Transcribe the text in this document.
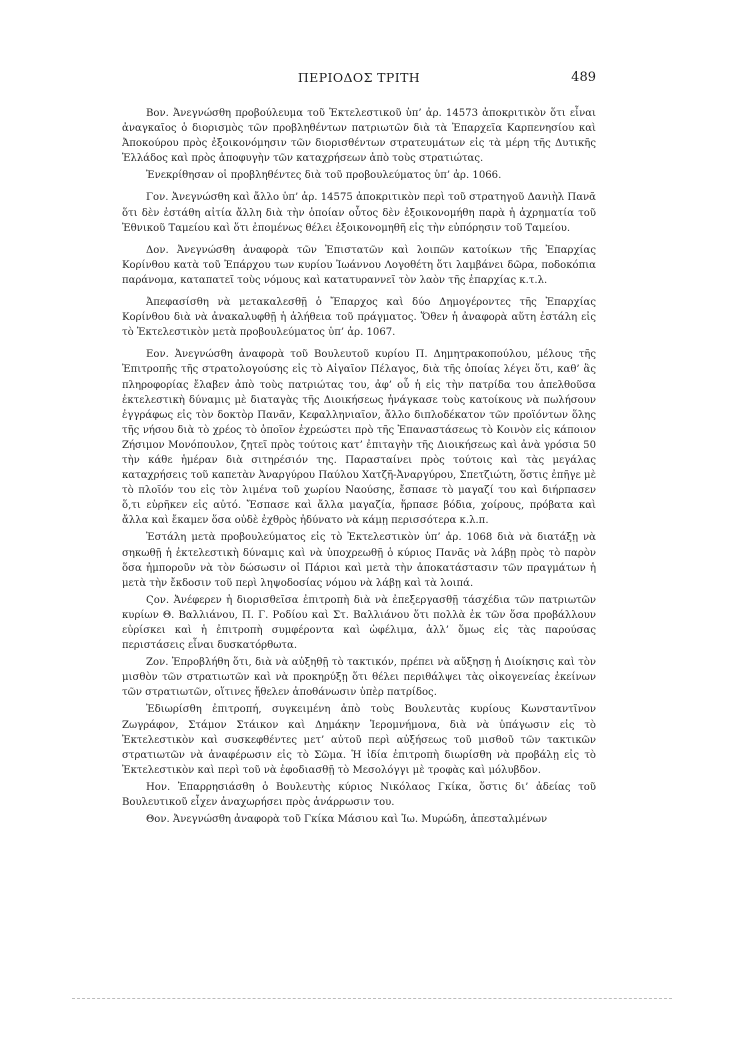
ΠΕΡΙΟΔΟΣ ΤΡΙΤΗ	489

Βον. Ἀνεγνώσθη προβούλευμα τοῦ Ἐκτελεστικοῦ ὑπ’ ἀρ. 14573 ἀποκριτικὸν ὅτι εἶναι ἀναγκαῖος ὁ διορισμὸς τῶν προβληθέντων πατριωτῶν διὰ τὰ Ἐπαρχεῖα Καρπενησίου καὶ Ἀποκούρου πρὸς ἐξοικονόμησιν τῶν διορισθέντων στρατευμάτων εἰς τὰ μέρη τῆς Δυτικῆς Ἑλλάδος καὶ πρὸς ἀποφυγὴν τῶν καταχρήσεων ἀπὸ τοὺς στρατιώτας.

Ἐνεκρίθησαν οἱ προβληθέντες διὰ τοῦ προβουλεύματος ὑπ’ ἀρ. 1066.

Γον. Ἀνεγνώσθη καὶ ἄλλο ὑπ’ ἀρ. 14575 ἀποκριτικὸν περὶ τοῦ στρατηγοῦ Δανιὴλ Πανᾶ ὅτι δὲν ἐστάθη αἰτία ἄλλη διὰ τὴν ὁποίαν οὗτος δὲν ἐξοικονομήθη παρὰ ἡ ἀχρηματία τοῦ Ἐθνικοῦ Ταμείου καὶ ὅτι ἐπομένως θέλει ἐξοικονομηθῆ εἰς τὴν εὐπόρησιν τοῦ Ταμείου.

Δον. Ἀνεγνώσθη ἀναφορὰ τῶν Ἐπιστατῶν καὶ λοιπῶν κατοίκων τῆς Ἐπαρχίας Κορίνθου κατὰ τοῦ Ἐπάρχου των κυρίου Ἰωάννου Λογοθέτη ὅτι λαμβάνει δῶρα, ποδοκόπια παράνομα, καταπατεῖ τοὺς νόμους καὶ κατατυραννεῖ τὸν λαὸν τῆς ἐπαρχίας κ.τ.λ.

Ἀπεφασίσθη νὰ μετακαλεσθῇ ὁ Ἔπαρχος καὶ δύο Δημογέροντες τῆς Ἐπαρχίας Κορίνθου διὰ νὰ ἀνακαλυφθῇ ἡ ἀλήθεια τοῦ πράγματος. Ὅθεν ἡ ἀναφορὰ αὕτη ἐστάλη εἰς τὸ Ἐκτελεστικὸν μετὰ προβουλεύματος ὑπ’ ἀρ. 1067.

Εον. Ἀνεγνώσθη ἀναφορὰ τοῦ Βουλευτοῦ κυρίου Π. Δημητρακοπούλου, μέλους τῆς Ἐπιτροπῆς τῆς στρατολογούσης εἰς τὸ Αἰγαῖον Πέλαγος, διὰ τῆς ὁποίας λέγει ὅτι, καθ’ ἃς πληροφορίας ἔλαβεν ἀπὸ τοὺς πατριώτας του, ἀφ’ οὗ ἡ εἰς τὴν πατρίδα του ἀπελθοῦσα ἐκτελεστικὴ δύναμις μὲ διαταγὰς τῆς Διοικήσεως ἠνάγκασε τοὺς κατοίκους νὰ πωλήσουν ἐγγράφως εἰς τὸν δοκτὸρ Πανᾶν, Κεφαλληνιαῖον, ἄλλο διπλοδέκατον τῶν προϊόντων ὅλης τῆς νήσου διὰ τὸ χρέος τὸ ὁποῖον ἐχρεώστει πρὸ τῆς Ἐπαναστάσεως τὸ Κοινὸν εἰς κάποιον Ζήσιμον Μονόπουλον, ζητεῖ πρὸς τούτοις κατ’ ἐπιταγὴν τῆς Διοικήσεως καὶ ἀνὰ γρόσια 50 τὴν κάθε ἡμέραν διὰ σιτηρέσιόν της. Παρασταίνει πρὸς τούτοις καὶ τὰς μεγάλας καταχρήσεις τοῦ καπετὰν Ἀναργύρου Παύλου Χατζῆ-Ἀναργύρου, Σπετζιώτη, ὅστις ἐπῆγε μὲ τὸ πλοῖόν του εἰς τὸν λιμένα τοῦ χωρίου Ναούσης, ἔσπασε τὸ μαγαζί του καὶ διήρπασεν ὅ,τι εὑρῆκεν εἰς αὐτό. Ἔσπασε καὶ ἄλλα μαγαζία, ἥρπασε βόδια, χοίρους, πρόβατα καὶ ἄλλα καὶ ἔκαμεν ὅσα οὐδὲ ἐχθρὸς ἠδύνατο νὰ κάμῃ περισσότερα κ.λ.π.

Ἐστάλη μετὰ προβουλεύματος εἰς τὸ Ἐκτελεστικὸν ὑπ’ ἀρ. 1068 διὰ νὰ διατάξῃ νὰ σηκωθῇ ἡ ἐκτελεστικὴ δύναμις καὶ νὰ ὑποχρεωθῇ ὁ κύριος Πανᾶς νὰ λάβῃ πρὸς τὸ παρὸν ὅσα ἠμποροῦν νὰ τὸν δώσωσιν οἱ Πάριοι καὶ μετὰ τὴν ἀποκατάστασιν τῶν πραγμάτων ἡ μετὰ τὴν ἔκδοσιν τοῦ περὶ ληψοδοσίας νόμου νὰ λάβῃ καὶ τὰ λοιπά.

Ϛον. Ἀνέφερεν ἡ διορισθεῖσα ἐπιτροπὴ διὰ νὰ ἐπεξεργασθῇ τάσχέδια τῶν πατριωτῶν κυρίων Θ. Βαλλιάνου, Π. Γ. Ροδίου καὶ Στ. Βαλλιάνου ὅτι πολλὰ ἐκ τῶν ὅσα προβάλλουν εὑρίσκει καὶ ἡ ἐπιτροπὴ συμφέροντα καὶ ὠφέλιμα, ἀλλ’ ὅμως εἰς τὰς παρούσας περιστάσεις εἶναι δυσκατόρθωτα.

Ζον. Ἐπροβλήθη ὅτι, διὰ νὰ αὐξηθῇ τὸ τακτικόν, πρέπει νὰ αὔξησῃ ἡ Διοίκησις καὶ τὸν μισθὸν τῶν στρατιωτῶν καὶ νὰ προκηρύξῃ ὅτι θέλει περιθάλψει τὰς οἰκογενείας ἐκείνων τῶν στρατιωτῶν, οἵτινες ἤθελεν ἀποθάνωσιν ὑπὲρ πατρίδος.

Ἐδιωρίσθη ἐπιτροπή, συγκειμένη ἀπὸ τοὺς Βουλευτὰς κυρίους Κωνσταντῖνον Ζωγράφον, Στάμον Στάικον καὶ Δημάκην Ἱερομνήμονα, διὰ νὰ ὑπάγωσιν εἰς τὸ Ἐκτελεστικὸν καὶ συσκεφθέντες μετ’ αὐτοῦ περὶ αὐξήσεως τοῦ μισθοῦ τῶν τακτικῶν στρατιωτῶν νὰ ἀναφέρωσιν εἰς τὸ Σῶμα. Ἡ ἰδία ἐπιτροπὴ διωρίσθη νὰ προβάλῃ εἰς τὸ Ἐκτελεστικὸν καὶ περὶ τοῦ νὰ ἐφοδιασθῇ τὸ Μεσολόγγι μὲ τροφὰς καὶ μόλυβδον.

Ηον. Ἐπαρρησιάσθη ὁ Βουλευτὴς κύριος Νικόλαος Γκίκα, ὅστις δι’ ἀδείας τοῦ Βουλευτικοῦ εἶχεν ἀναχωρήσει πρὸς ἀνάρρωσιν του.

Θον. Ἀνεγνώσθη ἀναφορὰ τοῦ Γκίκα Μάσιου καὶ Ἰω. Μυρώδη, ἀπεσταλμένων
